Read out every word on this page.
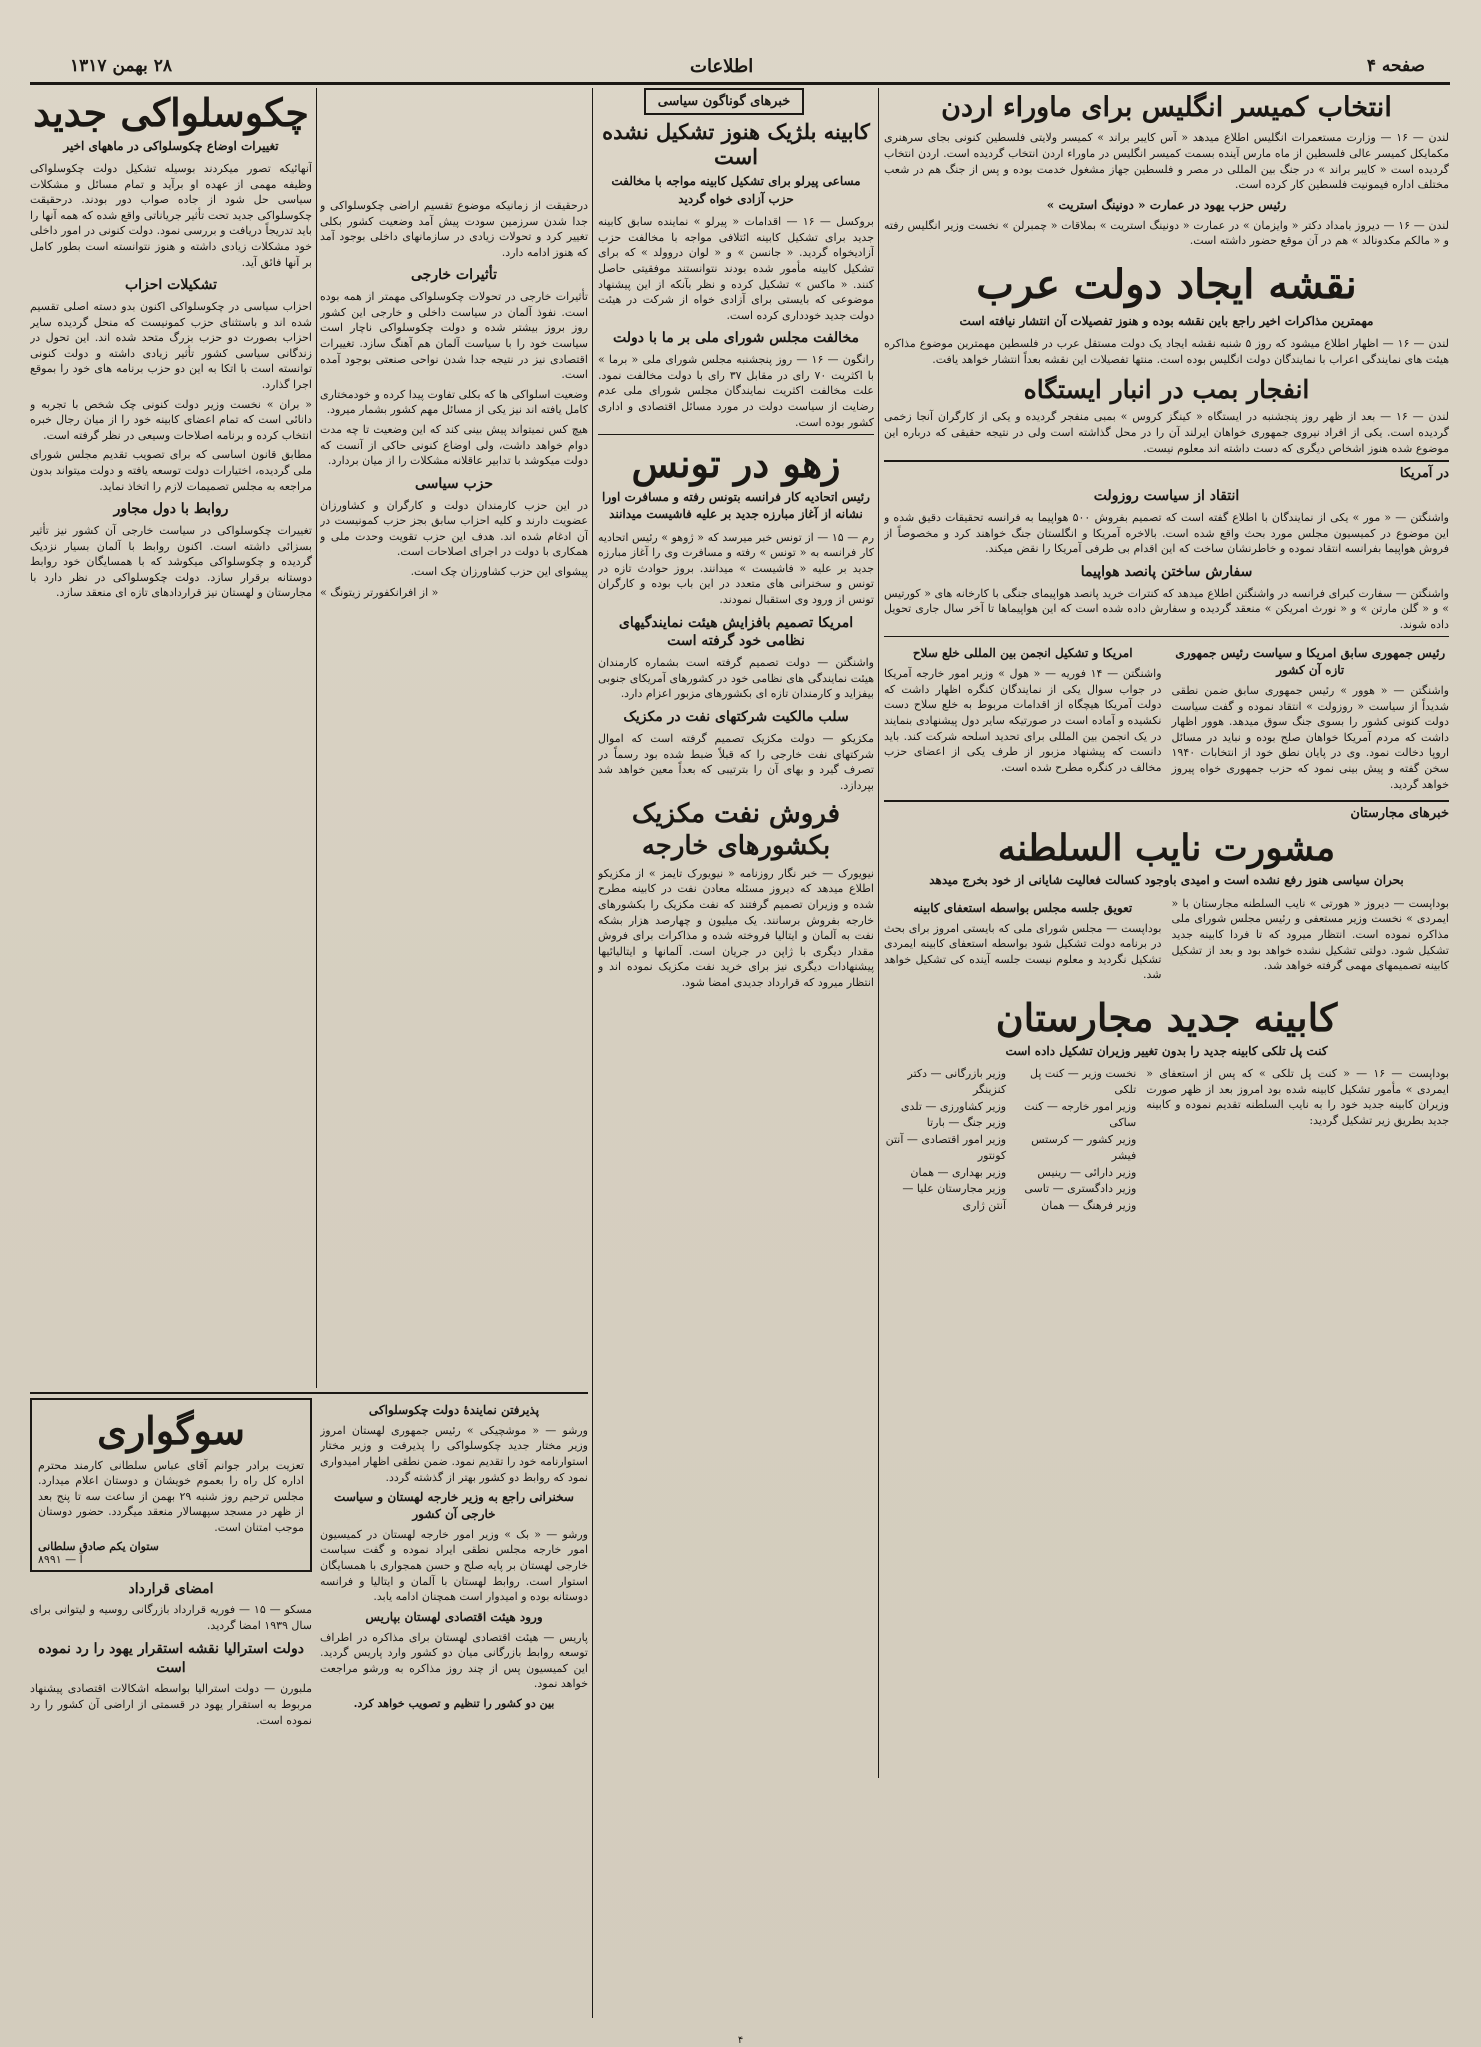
صفحه ۴
اطلاعات
۲۸ بهمن ۱۳۱۷
انتخاب کمیسر انگلیس برای ماوراء اردن

لندن — ۱۶ — وزارت مستعمرات انگلیس اطلاع میدهد « آس کایبر براند » کمیسر ولایتی فلسطین کنونی بجای سرهنری مکمایکل کمیسر عالی فلسطین از ماه مارس آینده بسمت کمیسر انگلیس در ماوراء اردن انتخاب گردیده است. اردن انتخاب گردیده است « کایبر براند » در جنگ بین المللی در مصر و فلسطین جهاز مشغول خدمت بوده و پس از جنگ هم در شعب مختلف اداره فیمونیت فلسطین کار کرده است.

رئیس حزب یهود در عمارت « دونینگ استریت »

لندن — ۱۶ — دیروز بامداد دکتر « وایزمان » در عمارت « دونینگ استریت » بملاقات « چمبرلن » نخست وزیر انگلیس رفته و « مالکم مکدونالد » هم در آن موقع حضور داشته است.

نقشه ایجاد دولت عرب
مهمترین مذاکرات اخیر راجع باین نقشه بوده و هنوز تفصیلات آن انتشار نیافته است

لندن — ۱۶ — اظهار اطلاع میشود که روز ۵ شنبه نقشه ایجاد یک دولت مستقل عرب در فلسطین مهمترین موضوع مذاکره هیئت های نمایندگی اعراب با نمایندگان دولت انگلیس بوده است. منتها تفصیلات این نقشه بعداً انتشار خواهد یافت.

انفجار بمب در انبار ایستگاه

لندن — ۱۶ — بعد از ظهر روز پنجشنبه در ایستگاه « کینگز کروس » بمبی منفجر گردیده و یکی از کارگران آنجا زخمی گردیده است. یکی از افراد نیروی جمهوری خواهان ایرلند آن را در محل گذاشته است ولی در نتیجه حقیقی که درباره این موضوع شده هنوز اشخاص دیگری که دست داشته اند معلوم نیست.

در آمریکا
انتقاد از سیاست روزولت

واشنگتن — « مور » یکی از نمایندگان با اطلاع گفته است که تصمیم بفروش ۵۰۰ هواپیما به فرانسه تحقیقات دقیق شده و این موضوع در کمیسیون مجلس مورد بحث واقع شده است. بالاخره آمریکا و انگلستان جنگ خواهند کرد و مخصوصاً از فروش هواپیما بفرانسه انتقاد نموده و خاطرنشان ساخت که این اقدام بی طرفی آمریکا را نقض میکند.

سفارش ساختن پانصد هواپیما

واشنگتن — سفارت کبرای فرانسه در واشنگتن اطلاع میدهد که کنترات خرید پانصد هواپیمای جنگی با کارخانه های « کورتیس » و « گلن مارتن » و « نورث امریکن » منعقد گردیده و سفارش داده شده است که این هواپیماها تا آخر سال جاری تحویل داده شوند.

رئیس جمهوری سابق امریکا و سیاست رئیس جمهوری تازه آن کشور

واشنگتن — « هوور » رئیس جمهوری سابق ضمن نطقی شدیداً از سیاست « روزولت » انتقاد نموده و گفت سیاست دولت کنونی کشور را بسوی جنگ سوق میدهد. هوور اظهار داشت که مردم آمریکا خواهان صلح بوده و نباید در مسائل اروپا دخالت نمود. وی در پایان نطق خود از انتخابات ۱۹۴۰ سخن گفته و پیش بینی نمود که حزب جمهوری خواه پیروز خواهد گردید.

امریکا و تشکیل انجمن بین المللی خلع سلاح

واشنگتن — ۱۴ فوریه — « هول » وزیر امور خارجه آمریکا در جواب سوال یکی از نمایندگان کنگره اظهار داشت که دولت آمریکا هیچگاه از اقدامات مربوط به خلع سلاح دست نکشیده و آماده است در صورتیکه سایر دول پیشنهادی بنمایند در یک انجمن بین المللی برای تحدید اسلحه شرکت کند. باید دانست که پیشنهاد مزبور از طرف یکی از اعضای حزب مخالف در کنگره مطرح شده است.

خبرهای مجارستان
مشورت نایب السلطنه
بحران سیاسی هنوز رفع نشده است و امیدی باوجود کسالت فعالیت شایانی از خود بخرج میدهد

بوداپست — دیروز « هورتی » نایب السلطنه مجارستان با « ایمردی » نخست وزیر مستعفی و رئیس مجلس شورای ملی مذاکره نموده است. انتظار میرود که تا فردا کابینه جدید تشکیل شود. دولتی تشکیل نشده خواهد بود و بعد از تشکیل کابینه تصمیمهای مهمی گرفته خواهد شد.

تعویق جلسه مجلس بواسطه استعفای کابینه

بوداپست — مجلس شورای ملی که بایستی امروز برای بحث در برنامه دولت تشکیل شود بواسطه استعفای کابینه ایمردی تشکیل نگردید و معلوم نیست جلسه آینده کی تشکیل خواهد شد.

کابینه جدید مجارستان
کنت پل تلکی کابینه جدید را بدون تغییر وزیران تشکیل داده است

بوداپست — ۱۶ — « کنت پل تلکی » که پس از استعفای « ایمردی » مأمور تشکیل کابینه شده بود امروز بعد از ظهر صورت وزیران کابینه جدید خود را به نایب السلطنه تقدیم نموده و کابینه جدید بطریق زیر تشکیل گردید:

نخست وزیر — کنت پل تلکی
وزیر امور خارجه — کنت ساکی
وزیر کشور — کرستس فیشر
وزیر دارائی — رینیس
وزیر دادگستری — تاسی
وزیر فرهنگ — همان
وزیر بازرگانی — دکتر کنزینگر
وزیر کشاورزی — تلدی
وزیر جنگ — بارتا
وزیر امور اقتصادی — آنتن کونتور
وزیر بهداری — همان
وزیر مجارستان علیا — آنتن ژاری
خبرهای گوناگون سیاسی
کابینه بلژیک هنوز تشکیل نشده است
مساعی پیرلو برای تشکیل کابینه مواجه با مخالفت حزب آزادی خواه گردید

بروکسل — ۱۶ — اقدامات « پیرلو » نماینده سابق کابینه جدید برای تشکیل کابینه ائتلافی مواجه با مخالفت حزب آزادیخواه گردید. « جانسن » و « لوان دروولد » که برای تشکیل کابینه مأمور شده بودند نتوانستند موفقیتی حاصل کنند. « ماکس » تشکیل کرده و نظر بآنکه از این پیشنهاد موضوعی که بایستی برای آزادی خواه از شرکت در هیئت دولت جدید خودداری کرده است.

مخالفت مجلس شورای ملی بر ما با دولت

رانگون — ۱۶ — روز پنجشنبه مجلس شورای ملی « برما » با اکثریت ۷۰ رای در مقابل ۳۷ رای با دولت مخالفت نمود. علت مخالفت اکثریت نمایندگان مجلس شورای ملی عدم رضایت از سیاست دولت در مورد مسائل اقتصادی و اداری کشور بوده است.

زهو در تونس
رئیس اتحادیه کار فرانسه بتونس رفته و مسافرت اورا نشانه از آغاز مبارزه جدید بر علیه فاشیست میدانند

رم — ۱۵ — از تونس خبر میرسد که « ژوهو » رئیس اتحادیه کار فرانسه به « تونس » رفته و مسافرت وی را آغاز مبارزه جدید بر علیه « فاشیست » میدانند. بروز حوادث تازه در تونس و سخنرانی های متعدد در این باب بوده و کارگران تونس از ورود وی استقبال نمودند.

امریکا تصمیم بافزایش هیئت نمایندگیهای نظامی خود گرفته است

واشنگتن — دولت تصمیم گرفته است بشماره کارمندان هیئت نمایندگی های نظامی خود در کشورهای آمریکای جنوبی بیفزاید و کارمندان تازه ای بکشورهای مزبور اعزام دارد.

سلب مالکیت شرکتهای نفت در مکزیک

مکزیکو — دولت مکزیک تصمیم گرفته است که اموال شرکتهای نفت خارجی را که قبلاً ضبط شده بود رسماً در تصرف گیرد و بهای آن را بترتیبی که بعداً معین خواهد شد بپردازد.

فروش نفت مکزیک بکشورهای خارجه

نیویورک — خبر نگار روزنامه « نیویورک تایمز » از مکزیکو اطلاع میدهد که دیروز مسئله معادن نفت در کابینه مطرح شده و وزیران تصمیم گرفتند که نفت مکزیک را بکشورهای خارجه بفروش برسانند. یک میلیون و چهارصد هزار بشکه نفت به آلمان و ایتالیا فروخته شده و مذاکرات برای فروش مقدار دیگری با ژاپن در جریان است. آلمانها و ایتالیائیها پیشنهادات دیگری نیز برای خرید نفت مکزیک نموده اند و انتظار میرود که قرارداد جدیدی امضا شود.

چکوسلواکی جدید
تغییرات اوضاع چکوسلواکی در ماههای اخیر

آنهائیکه تصور میکردند بوسیله تشکیل دولت چکوسلواکی وظیفه مهمی از عهده او برآید و تمام مسائل و مشکلات سیاسی حل شود از جاده صواب دور بودند. درحقیقت چکوسلواکی جدید تحت تأثیر جریاناتی واقع شده که همه آنها را باید تدریجاً دریافت و بررسی نمود. دولت کنونی در امور داخلی خود مشکلات زیادی داشته و هنوز نتوانسته است بطور کامل بر آنها فائق آید.

تشکیلات احزاب

احزاب سیاسی در چکوسلواکی اکنون بدو دسته اصلی تقسیم شده اند و باستثنای حزب کمونیست که منحل گردیده سایر احزاب بصورت دو حزب بزرگ متحد شده اند. این تحول در زندگانی سیاسی کشور تأثیر زیادی داشته و دولت کنونی توانسته است با اتکا به این دو حزب برنامه های خود را بموقع اجرا گذارد.

« بران » نخست وزیر دولت کنونی چک شخص با تجربه و دانائی است که تمام اعضای کابینه خود را از میان رجال خبره انتخاب کرده و برنامه اصلاحات وسیعی در نظر گرفته است.

مطابق قانون اساسی که برای تصویب تقدیم مجلس شورای ملی گردیده، اختیارات دولت توسعه یافته و دولت میتواند بدون مراجعه به مجلس تصمیمات لازم را اتخاذ نماید.

روابط با دول مجاور

تغییرات چکوسلواکی در سیاست خارجی آن کشور نیز تأثیر بسزائی داشته است. اکنون روابط با آلمان بسیار نزدیک گردیده و چکوسلواکی میکوشد که با همسایگان خود روابط دوستانه برقرار سازد. دولت چکوسلواکی در نظر دارد با مجارستان و لهستان نیز قراردادهای تازه ای منعقد سازد.

درحقیقت از زمانیکه موضوع تقسیم اراضی چکوسلواکی و جدا شدن سرزمین سودت پیش آمد وضعیت کشور بکلی تغییر کرد و تحولات زیادی در سازمانهای داخلی بوجود آمد که هنوز ادامه دارد.

تأثیرات خارجی

تأثیرات خارجی در تحولات چکوسلواکی مهمتر از همه بوده است. نفوذ آلمان در سیاست داخلی و خارجی این کشور روز بروز بیشتر شده و دولت چکوسلواکی ناچار است سیاست خود را با سیاست آلمان هم آهنگ سازد. تغییرات اقتصادی نیز در نتیجه جدا شدن نواحی صنعتی بوجود آمده است.

وضعیت اسلواکی ها که بکلی تفاوت پیدا کرده و خودمختاری کامل یافته اند نیز یکی از مسائل مهم کشور بشمار میرود.

هیچ کس نمیتواند پیش بینی کند که این وضعیت تا چه مدت دوام خواهد داشت، ولی اوضاع کنونی حاکی از آنست که دولت میکوشد با تدابیر عاقلانه مشکلات را از میان بردارد.

حزب سیاسی

در این حزب کارمندان دولت و کارگران و کشاورزان عضویت دارند و کلیه احزاب سابق بجز حزب کمونیست در آن ادغام شده اند. هدف این حزب تقویت وحدت ملی و همکاری با دولت در اجرای اصلاحات است.

پیشوای این حزب کشاورزان چک است.

« از افرانکفورتر زیتونگ »
پذیرفتن نمایندۀ دولت چکوسلواکی

ورشو — « موشچیکی » رئیس جمهوری لهستان امروز وزیر مختار جدید چکوسلواکی را پذیرفت و وزیر مختار استوارنامه خود را تقدیم نمود. ضمن نطقی اظهار امیدواری نمود که روابط دو کشور بهتر از گذشته گردد.

سخنرانی راجع به وزیر خارجه لهستان و سیاست خارجی آن کشور

ورشو — « بک » وزیر امور خارجه لهستان در کمیسیون امور خارجه مجلس نطقی ایراد نموده و گفت سیاست خارجی لهستان بر پایه صلح و حسن همجواری با همسایگان استوار است. روابط لهستان با آلمان و ایتالیا و فرانسه دوستانه بوده و امیدوار است همچنان ادامه یابد.

ورود هیئت اقتصادی لهستان بپاریس

پاریس — هیئت اقتصادی لهستان برای مذاکره در اطراف توسعه روابط بازرگانی میان دو کشور وارد پاریس گردید. این کمیسیون پس از چند روز مذاکره به ورشو مراجعت خواهد نمود.

بین دو کشور را تنظیم و تصویب خواهد کرد.

سوگواری

تعزیت برادر جوانم آقای عباس سلطانی کارمند محترم اداره کل راه را بعموم خویشان و دوستان اعلام میدارد. مجلس ترحیم روز شنبه ۲۹ بهمن از ساعت سه تا پنج بعد از ظهر در مسجد سپهسالار منعقد میگردد. حضور دوستان موجب امتنان است.

ستوان یکم صادق سلطانی
آ — ۸۹۹۱
امضای قرارداد

مسکو — ۱۵ — فوریه قرارداد بازرگانی روسیه و لیتوانی برای سال ۱۹۳۹ امضا گردید.

دولت استرالیا نقشه استقرار یهود را رد نموده است

ملبورن — دولت استرالیا بواسطه اشکالات اقتصادی پیشنهاد مربوط به استقرار یهود در قسمتی از اراضی آن کشور را رد نموده است.

۴
